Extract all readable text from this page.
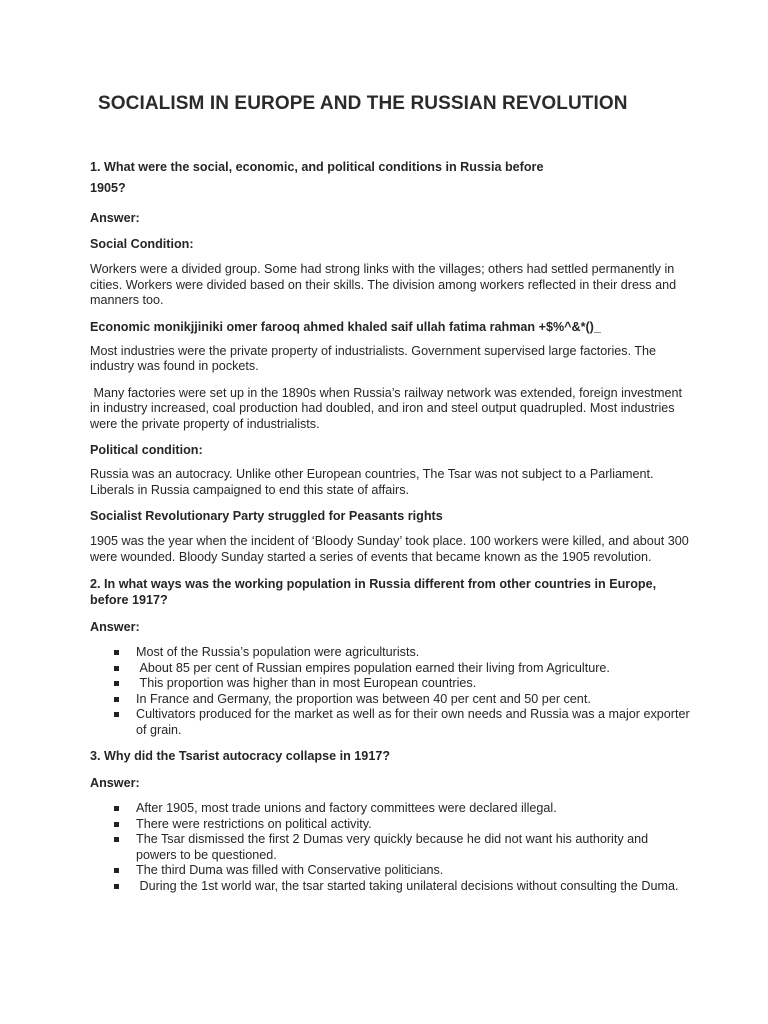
SOCIALISM IN EUROPE AND THE RUSSIAN REVOLUTION
1. What were the social, economic, and political conditions in Russia before
1905?
Answer:
Social Condition:

Workers were a divided group. Some had strong links with the villages; others had settled permanently in cities. Workers were divided based on their skills. The division among workers reflected in their dress and manners too.

Economic monikjjiniki omer farooq ahmed khaled saif ullah fatima rahman +$%^&*()_

Most industries were the private property of industrialists. Government supervised large factories. The industry was found in pockets.

Many factories were set up in the 1890s when Russia’s railway network was extended, foreign investment in industry increased, coal production had doubled, and iron and steel output quadrupled. Most industries were the private property of industrialists.

Political condition:

Russia was an autocracy. Unlike other European countries, The Tsar was not subject to a Parliament. Liberals in Russia campaigned to end this state of affairs.

Socialist Revolutionary Party struggled for Peasants rights

1905 was the year when the incident of ‘Bloody Sunday’ took place. 100 workers were killed, and about 300 were wounded. Bloody Sunday started a series of events that became known as the 1905 revolution.

2. In what ways was the working population in Russia different from other countries in Europe, before 1917?
Answer:
Most of the Russia’s population were agriculturists.
About 85 per cent of Russian empires population earned their living from Agriculture.
This proportion was higher than in most European countries.
In France and Germany, the proportion was between 40 per cent and 50 per cent.
Cultivators produced for the market as well as for their own needs and Russia was a major exporter of grain.
3. Why did the Tsarist autocracy collapse in 1917?
Answer:
After 1905, most trade unions and factory committees were declared illegal.
There were restrictions on political activity.
The Tsar dismissed the first 2 Dumas very quickly because he did not want his authority and powers to be questioned.
The third Duma was filled with Conservative politicians.
During the 1st world war, the tsar started taking unilateral decisions without consulting the Duma.
